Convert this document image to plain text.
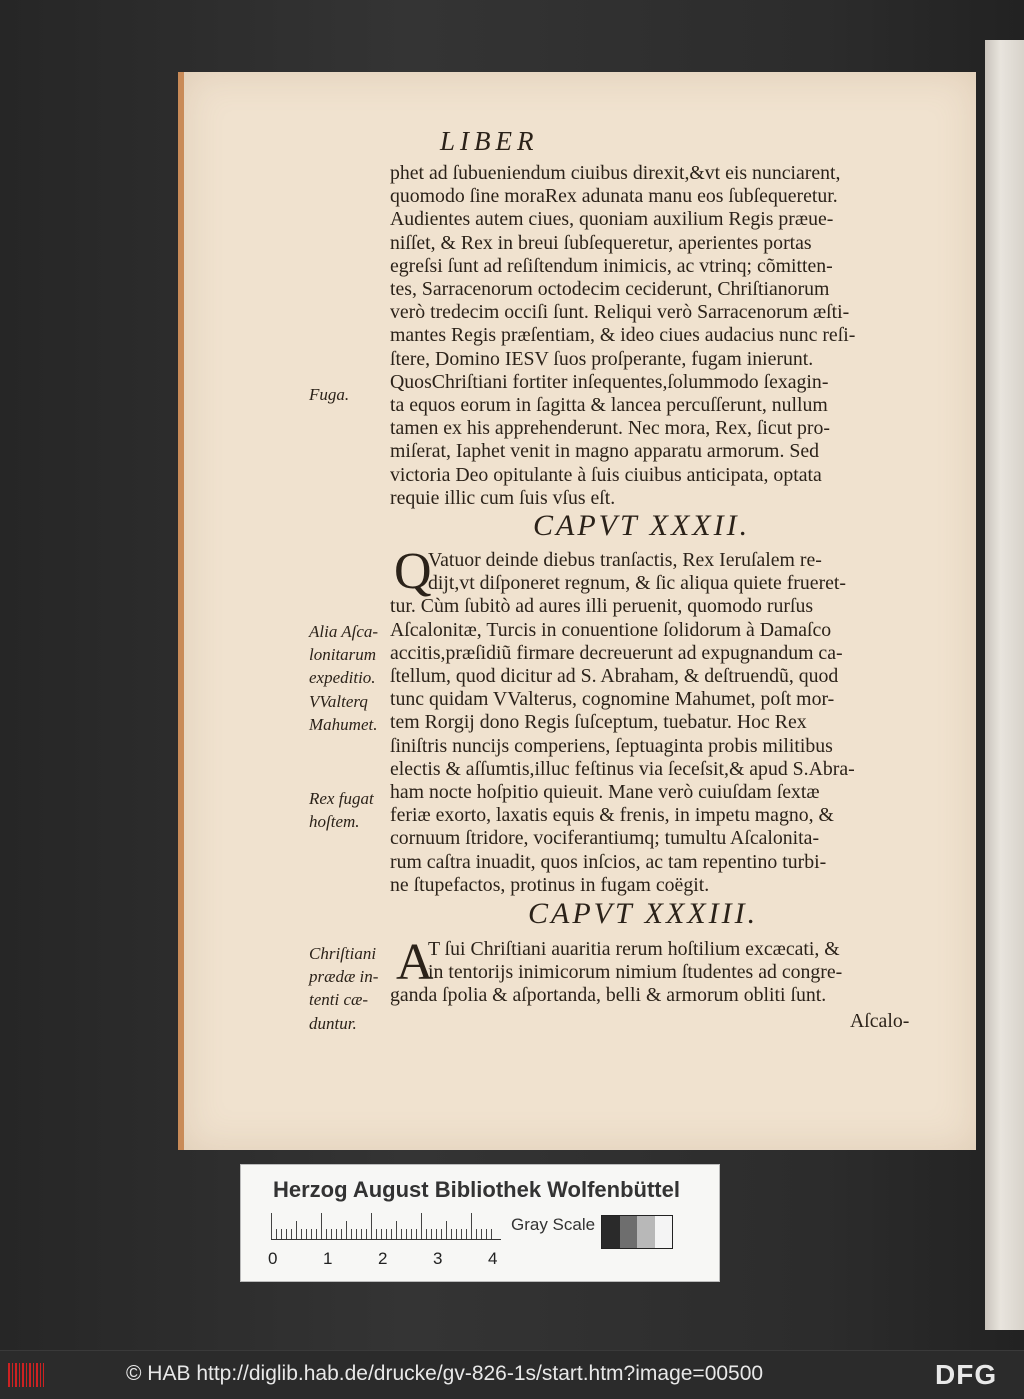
LIBER
phet ad ſubueniendum ciuibus direxit,&vt eis nunciarent,
quomodo ſine moraRex adunata manu eos ſubſequeretur.
Audientes autem ciues, quoniam auxilium Regis præue-
niſſet, & Rex in breui ſubſequeretur, aperientes portas
egreſsi ſunt ad reſiſtendum inimicis, ac vtrinq; cõmitten-
tes, Sarracenorum octodecim ceciderunt, Chriſtianorum
verò tredecim occiſi ſunt. Reliqui verò Sarracenorum æſti-
mantes Regis præſentiam, & ideo ciues audacius nunc reſi-
ſtere, Domino IESV ſuos proſperante, fugam inierunt.
QuosChriſtiani fortiter inſequentes,ſolummodo ſexagin-
ta equos eorum in ſagitta & lancea percuſſerunt, nullum
tamen ex his apprehenderunt. Nec mora, Rex, ſicut pro-
miſerat, Iaphet venit in magno apparatu armorum. Sed
victoria Deo opitulante à ſuis ciuibus anticipata, optata
requie illic cum ſuis vſus eſt.
CAPVT XXXII.
Q
Vatuor deinde diebus tranſactis, Rex Ieruſalem re-
dijt,vt diſponeret regnum, & ſic aliqua quiete frueret-
tur. Cùm ſubitò ad aures illi peruenit, quomodo rurſus
Aſcalonitæ, Turcis in conuentione ſolidorum à Damaſco
accitis,præſidiũ firmare decreuerunt ad expugnandum ca-
ſtellum, quod dicitur ad S. Abraham, & deſtruendũ, quod
tunc quidam VValterus, cognomine Mahumet, poſt mor-
tem Rorgij dono Regis ſuſceptum, tuebatur. Hoc Rex
ſiniſtris nuncijs comperiens, ſeptuaginta probis militibus
electis & aſſumtis,illuc feſtinus via ſeceſsit,& apud S.Abra-
ham nocte hoſpitio quieuit. Mane verò cuiuſdam ſextæ
feriæ exorto, laxatis equis & frenis, in impetu magno, &
cornuum ſtridore, vociferantiumq; tumultu Aſcalonita-
rum caſtra inuadit, quos inſcios, ac tam repentino turbi-
ne ſtupefactos, protinus in fugam coëgit.
CAPVT XXXIII.
A
T ſui Chriſtiani auaritia rerum hoſtilium excæcati, &
in tentorijs inimicorum nimium ſtudentes ad congre-
ganda ſpolia & aſportanda, belli & armorum obliti ſunt.
Aſcalo-
Fuga.
Alia Aſca-
lonitarum
expeditio.
VValterq
Mahumet.
Rex fugat
hoſtem.
Chriſtiani
prædæ in-
tenti cæ-
duntur.
Herzog August Bibliothek Wolfenbüttel
Gray Scale
0	1	2	3	4
© HAB http://diglib.hab.de/drucke/gv-826-1s/start.htm?image=00500	DFG
